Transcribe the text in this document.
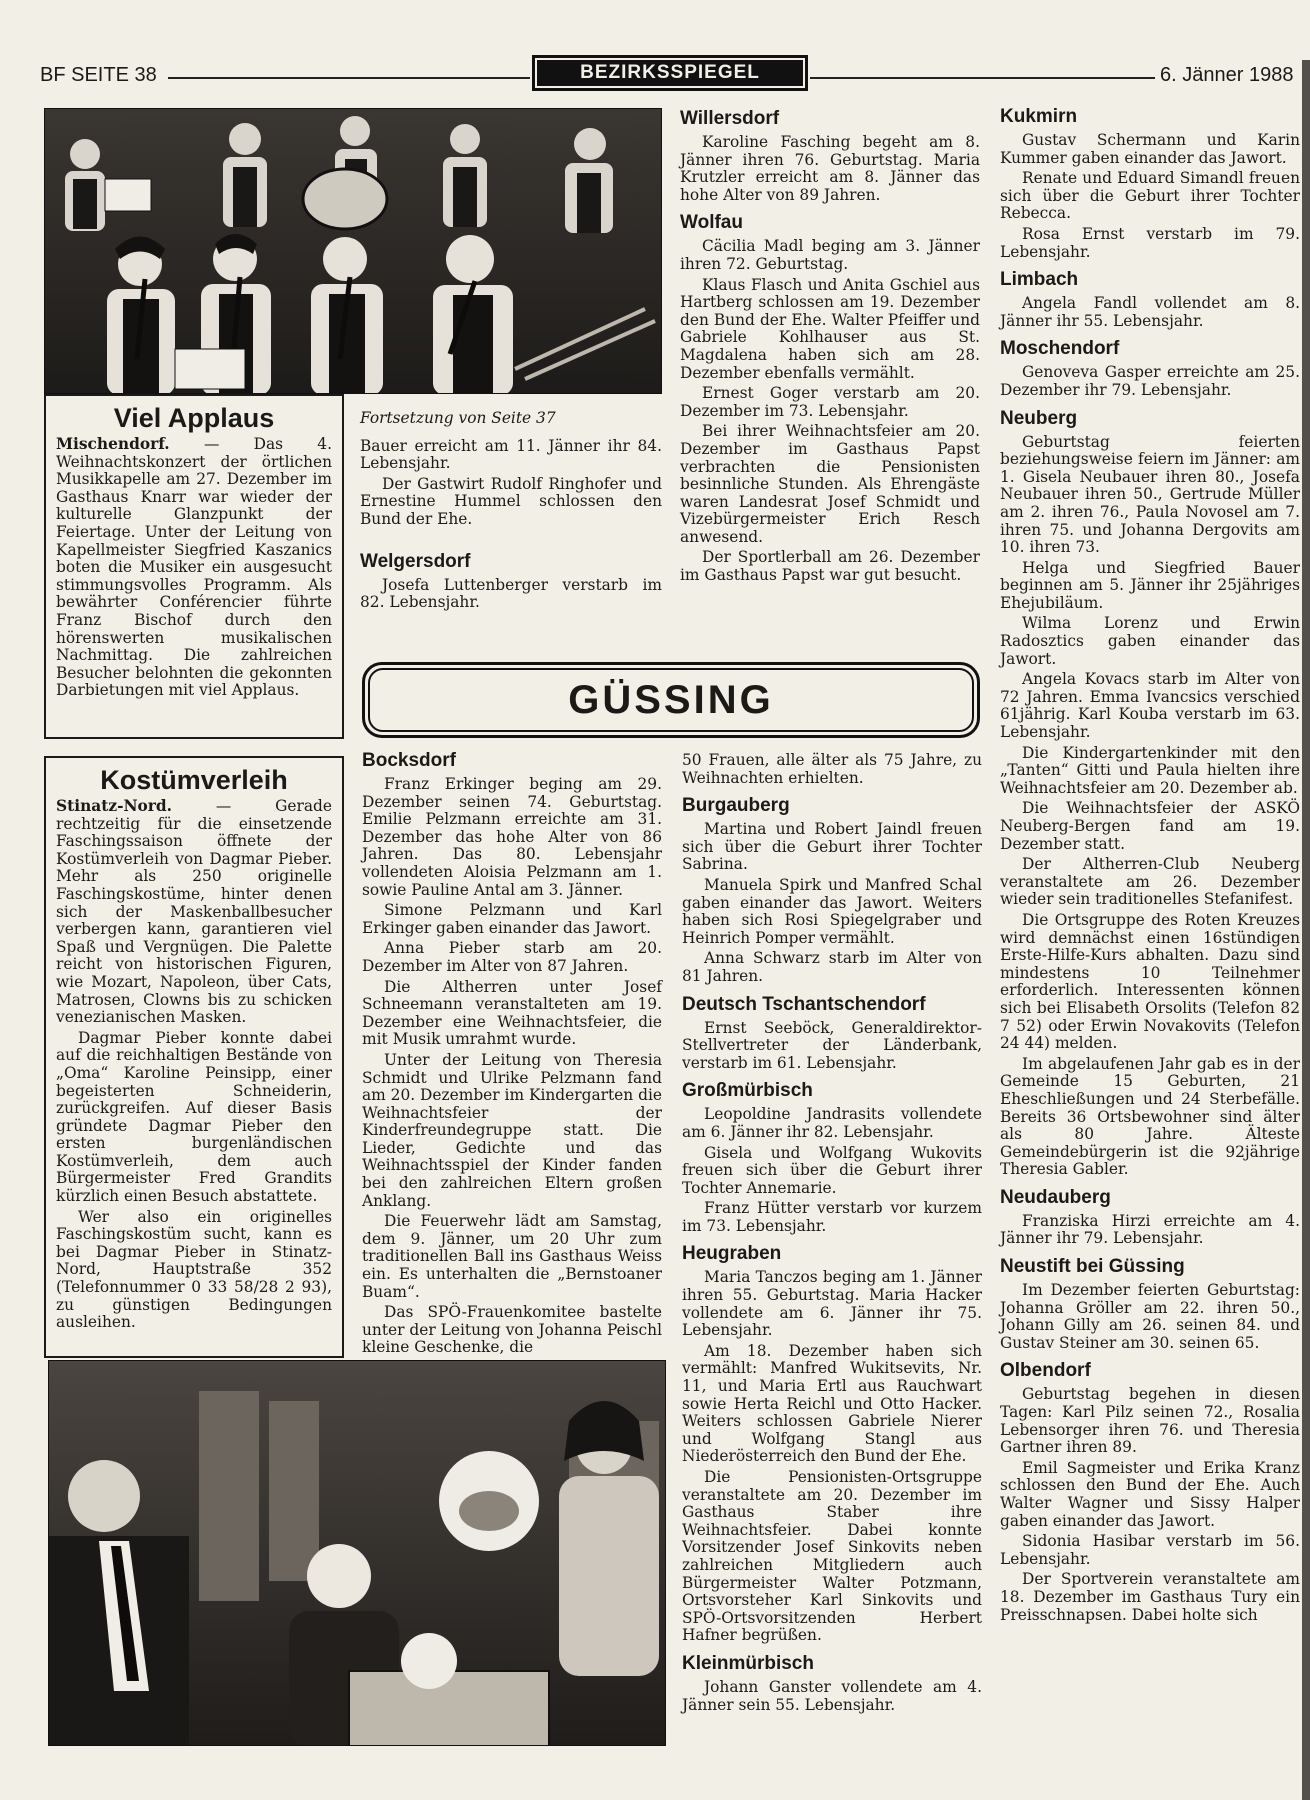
BF SEITE 38	BEZIRKSSPIEGEL	6. Jänner 1988
Viel Applaus

Mischendorf. — Das 4. Weihnachtskonzert der örtlichen Musikkapelle am 27. Dezember im Gasthaus Knarr war wieder der kulturelle Glanzpunkt der Feiertage. Unter der Leitung von Kapellmeister Siegfried Kaszanics boten die Musiker ein ausgesucht stimmungsvolles Programm. Als bewährter Conférencier führte Franz Bischof durch den hörenswerten musikalischen Nachmittag. Die zahlreichen Besucher belohnten die gekonnten Darbietungen mit viel Applaus.

Kostümverleih

Stinatz-Nord. — Gerade rechtzeitig für die einsetzende Faschingssaison öffnete der Kostümverleih von Dagmar Pieber. Mehr als 250 originelle Faschingskostüme, hinter denen sich der Maskenballbesucher verbergen kann, garantieren viel Spaß und Vergnügen. Die Palette reicht von historischen Figuren, wie Mozart, Napoleon, über Cats, Matrosen, Clowns bis zu schicken venezianischen Masken.

Dagmar Pieber konnte dabei auf die reichhaltigen Bestände von „Oma“ Karoline Peinsipp, einer begeisterten Schneiderin, zurückgreifen. Auf dieser Basis gründete Dagmar Pieber den ersten burgenländischen Kostümverleih, dem auch Bürgermeister Fred Grandits kürzlich einen Besuch abstattete.

Wer also ein originelles Faschingskostüm sucht, kann es bei Dagmar Pieber in Stinatz-Nord, Hauptstraße 352 (Telefonnummer 0 33 58/28 2 93), zu günstigen Bedingungen ausleihen.

Fortsetzung von Seite 37

Bauer erreicht am 11. Jänner ihr 84. Lebensjahr.

Der Gastwirt Rudolf Ringhofer und Ernestine Hummel schlossen den Bund der Ehe.

Welgersdorf

Josefa Luttenberger verstarb im 82. Lebensjahr.

Willersdorf

Karoline Fasching begeht am 8. Jänner ihren 76. Geburtstag. Maria Krutzler erreicht am 8. Jänner das hohe Alter von 89 Jahren.

Wolfau

Cäcilia Madl beging am 3. Jänner ihren 72. Geburtstag.

Klaus Flasch und Anita Gschiel aus Hartberg schlossen am 19. Dezember den Bund der Ehe. Walter Pfeiffer und Gabriele Kohlhauser aus St. Magdalena haben sich am 28. Dezember ebenfalls vermählt.

Ernest Goger verstarb am 20. Dezember im 73. Lebensjahr.

Bei ihrer Weihnachtsfeier am 20. Dezember im Gasthaus Papst verbrachten die Pensionisten besinnliche Stunden. Als Ehrengäste waren Landesrat Josef Schmidt und Vizebürgermeister Erich Resch anwesend.

Der Sportlerball am 26. Dezember im Gasthaus Papst war gut besucht.

GÜSSING
Bocksdorf

Franz Erkinger beging am 29. Dezember seinen 74. Geburtstag. Emilie Pelzmann erreichte am 31. Dezember das hohe Alter von 86 Jahren. Das 80. Lebensjahr vollendeten Aloisia Pelzmann am 1. sowie Pauline Antal am 3. Jänner.

Simone Pelzmann und Karl Erkinger gaben einander das Jawort.

Anna Pieber starb am 20. Dezember im Alter von 87 Jahren.

Die Altherren unter Josef Schneemann veranstalteten am 19. Dezember eine Weihnachtsfeier, die mit Musik umrahmt wurde.

Unter der Leitung von Theresia Schmidt und Ulrike Pelzmann fand am 20. Dezember im Kindergarten die Weihnachtsfeier der Kinderfreundegruppe statt. Die Lieder, Gedichte und das Weihnachtsspiel der Kinder fanden bei den zahlreichen Eltern großen Anklang.

Die Feuerwehr lädt am Samstag, dem 9. Jänner, um 20 Uhr zum traditionellen Ball ins Gasthaus Weiss ein. Es unterhalten die „Bernstoaner Buam“.

Das SPÖ-Frauenkomitee bastelte unter der Leitung von Johanna Peischl kleine Geschenke, die

50 Frauen, alle älter als 75 Jahre, zu Weihnachten erhielten.

Burgauberg

Martina und Robert Jaindl freuen sich über die Geburt ihrer Tochter Sabrina.

Manuela Spirk und Manfred Schal gaben einander das Jawort. Weiters haben sich Rosi Spiegelgraber und Heinrich Pomper vermählt.

Anna Schwarz starb im Alter von 81 Jahren.

Deutsch Tschantschendorf

Ernst Seeböck, Generaldirektor-Stellvertreter der Länderbank, verstarb im 61. Lebensjahr.

Großmürbisch

Leopoldine Jandrasits vollendete am 6. Jänner ihr 82. Lebensjahr.

Gisela und Wolfgang Wukovits freuen sich über die Geburt ihrer Tochter Annemarie.

Franz Hütter verstarb vor kurzem im 73. Lebensjahr.

Heugraben

Maria Tanczos beging am 1. Jänner ihren 55. Geburtstag. Maria Hacker vollendete am 6. Jänner ihr 75. Lebensjahr.

Am 18. Dezember haben sich vermählt: Manfred Wukitsevits, Nr. 11, und Maria Ertl aus Rauchwart sowie Herta Reichl und Otto Hacker. Weiters schlossen Gabriele Nierer und Wolfgang Stangl aus Niederösterreich den Bund der Ehe.

Die Pensionisten-Ortsgruppe veranstaltete am 20. Dezember im Gasthaus Staber ihre Weihnachtsfeier. Dabei konnte Vorsitzender Josef Sinkovits neben zahlreichen Mitgliedern auch Bürgermeister Walter Potzmann, Ortsvorsteher Karl Sinkovits und SPÖ-Ortsvorsitzenden Herbert Hafner begrüßen.

Kleinmürbisch

Johann Ganster vollendete am 4. Jänner sein 55. Lebensjahr.

Kukmirn

Gustav Schermann und Karin Kummer gaben einander das Jawort.

Renate und Eduard Simandl freuen sich über die Geburt ihrer Tochter Rebecca.

Rosa Ernst verstarb im 79. Lebensjahr.

Limbach

Angela Fandl vollendet am 8. Jänner ihr 55. Lebensjahr.

Moschendorf

Genoveva Gasper erreichte am 25. Dezember ihr 79. Lebensjahr.

Neuberg

Geburtstag feierten beziehungsweise feiern im Jänner: am 1. Gisela Neubauer ihren 80., Josefa Neubauer ihren 50., Gertrude Müller am 2. ihren 76., Paula Novosel am 7. ihren 75. und Johanna Dergovits am 10. ihren 73.

Helga und Siegfried Bauer beginnen am 5. Jänner ihr 25jähriges Ehejubiläum.

Wilma Lorenz und Erwin Radosztics gaben einander das Jawort.

Angela Kovacs starb im Alter von 72 Jahren. Emma Ivancsics verschied 61jährig. Karl Kouba verstarb im 63. Lebensjahr.

Die Kindergartenkinder mit den „Tanten“ Gitti und Paula hielten ihre Weihnachtsfeier am 20. Dezember ab.

Die Weihnachtsfeier der ASKÖ Neuberg-Bergen fand am 19. Dezember statt.

Der Altherren-Club Neuberg veranstaltete am 26. Dezember wieder sein traditionelles Stefanifest.

Die Ortsgruppe des Roten Kreuzes wird demnächst einen 16stündigen Erste-Hilfe-Kurs abhalten. Dazu sind mindestens 10 Teilnehmer erforderlich. Interessenten können sich bei Elisabeth Orsolits (Telefon 82 7 52) oder Erwin Novakovits (Telefon 24 44) melden.

Im abgelaufenen Jahr gab es in der Gemeinde 15 Geburten, 21 Eheschließungen und 24 Sterbefälle. Bereits 36 Ortsbewohner sind älter als 80 Jahre. Älteste Gemeindebürgerin ist die 92jährige Theresia Gabler.

Neudauberg

Franziska Hirzi erreichte am 4. Jänner ihr 79. Lebensjahr.

Neustift bei Güssing

Im Dezember feierten Geburtstag: Johanna Gröller am 22. ihren 50., Johann Gilly am 26. seinen 84. und Gustav Steiner am 30. seinen 65.

Olbendorf

Geburtstag begehen in diesen Tagen: Karl Pilz seinen 72., Rosalia Lebensorger ihren 76. und Theresia Gartner ihren 89.

Emil Sagmeister und Erika Kranz schlossen den Bund der Ehe. Auch Walter Wagner und Sissy Halper gaben einander das Jawort.

Sidonia Hasibar verstarb im 56. Lebensjahr.

Der Sportverein veranstaltete am 18. Dezember im Gasthaus Tury ein Preisschnapsen. Dabei holte sich
